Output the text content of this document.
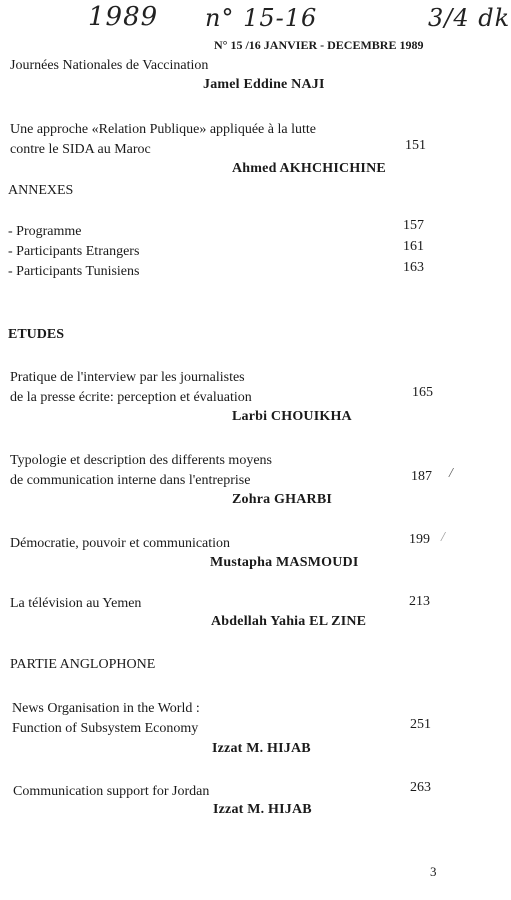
1989 n° 15-16	3/4 dk
N° 15 /16 JANVIER - DECEMBRE 1989
Journées Nationales de Vaccination
Jamel Eddine NAJI
Une approche «Relation Publique» appliquée à la lutte
contre le SIDA au Maroc	151
Ahmed AKHCHICHINE
ANNEXES
- Programme	157
- Participants Etrangers	161
- Participants Tunisiens	163
ETUDES
Pratique de l'interview par les journalistes
de la presse écrite: perception et évaluation	165
Larbi CHOUIKHA
Typologie et description des differents moyens
de communication interne dans l'entreprise	187 /
Zohra GHARBI
Démocratie, pouvoir et communication	199 /
Mustapha MASMOUDI
La télévision au Yemen	213
Abdellah Yahia EL ZINE
PARTIE ANGLOPHONE
News Organisation in the World :
Function of Subsystem Economy	251
Izzat M. HIJAB
Communication support for Jordan	263
Izzat M. HIJAB
3
